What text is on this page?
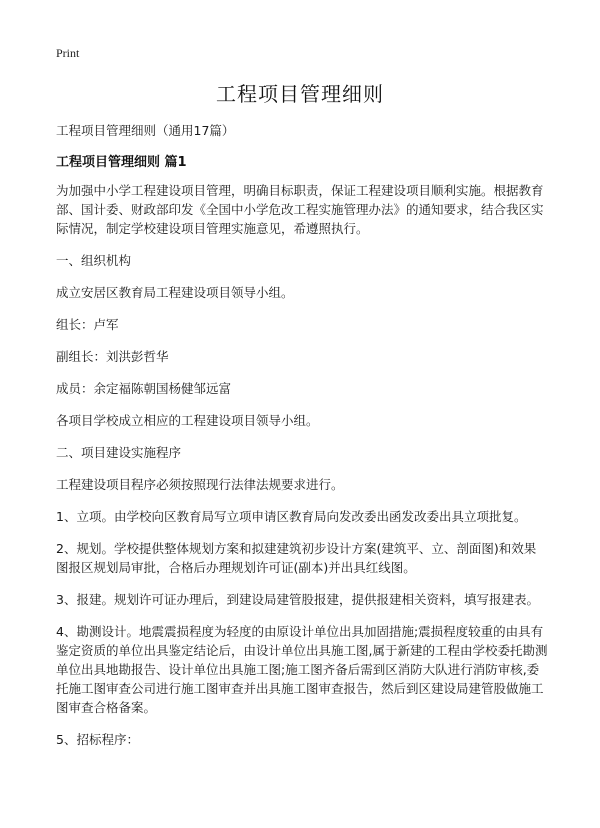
Print
工程项目管理细则
工程项目管理细则（通用17篇）
工程项目管理细则 篇1

为加强中小学工程建设项目管理，明确目标职责，保证工程建设项目顺利实施。根据教育部、国计委、财政部印发《全国中小学危改工程实施管理办法》的通知要求，结合我区实际情况，制定学校建设项目管理实施意见，希遵照执行。

一、组织机构

成立安居区教育局工程建设项目领导小组。

组长：卢军

副组长：刘洪彭哲华

成员：余定福陈朝国杨健邹远富

各项目学校成立相应的工程建设项目领导小组。

二、项目建设实施程序

工程建设项目程序必须按照现行法律法规要求进行。

1、立项。由学校向区教育局写立项申请区教育局向发改委出函发改委出具立项批复。

2、规划。学校提供整体规划方案和拟建建筑初步设计方案(建筑平、立、剖面图)和效果图报区规划局审批，合格后办理规划许可证(副本)并出具红线图。

3、报建。规划许可证办理后，到建设局建管股报建，提供报建相关资料，填写报建表。

4、勘测设计。地震震损程度为轻度的由原设计单位出具加固措施;震损程度较重的由具有鉴定资质的单位出具鉴定结论后，由设计单位出具施工图,属于新建的工程由学校委托勘测单位出具地勘报告、设计单位出具施工图;施工图齐备后需到区消防大队进行消防审核,委托施工图审查公司进行施工图审查并出具施工图审查报告，然后到区建设局建管股做施工图审查合格备案。

5、招标程序：
